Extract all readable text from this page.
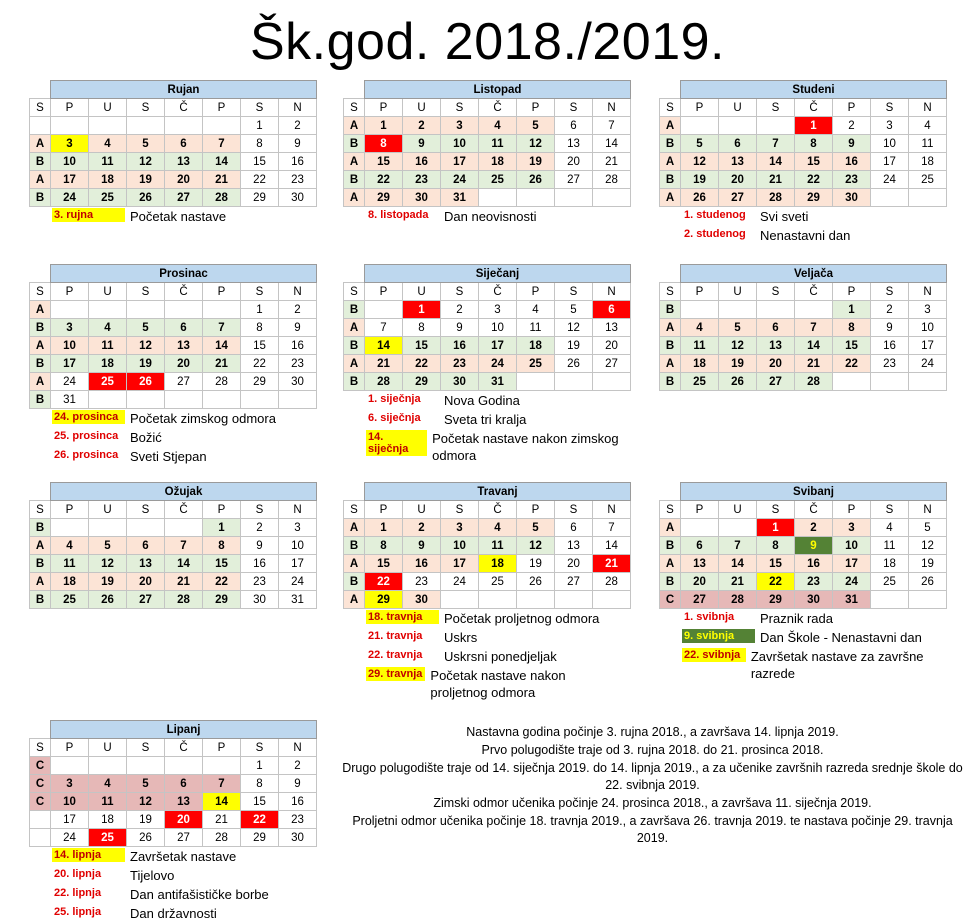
Šk.god. 2018./2019.
	Rujan						
S	P	U	S	Č	P	S	N
						1	2
A	3	4	5	6	7	8	9
B	10	11	12	13	14	15	16
A	17	18	19	20	21	22	23
B	24	25	26	27	28	29	30
3. rujna	Početak nastave
	Listopad						
S	P	U	S	Č	P	S	N
A	1	2	3	4	5	6	7
B	8	9	10	11	12	13	14
A	15	16	17	18	19	20	21
B	22	23	24	25	26	27	28
A	29	30	31				
8. listopada	Dan neovisnosti
	Studeni						
S	P	U	S	Č	P	S	N
A				1	2	3	4
B	5	6	7	8	9	10	11
A	12	13	14	15	16	17	18
B	19	20	21	22	23	24	25
A	26	27	28	29	30		
1. studenog	Svi sveti
2. studenog	Nenastavni dan
	Prosinac						
S	P	U	S	Č	P	S	N
A						1	2
B	3	4	5	6	7	8	9
A	10	11	12	13	14	15	16
B	17	18	19	20	21	22	23
A	24	25	26	27	28	29	30
B	31						
24. prosinca Početak zimskog odmora
25. prosinca Božić
26. prosinca Sveti Stjepan
	Siječanj						
S	P	U	S	Č	P	S	N
B		1	2	3	4	5	6
A	7	8	9	10	11	12	13
B	14	15	16	17	18	19	20
A	21	22	23	24	25	26	27
B	28	29	30	31			
1. siječnja	Nova Godina
6. siječnja	Sveta tri kralja
14. siječnja
Početak nastave nakon zimskog odmora
	Veljača						
S	P	U	S	Č	P	S	N
B					1	2	3
A	4	5	6	7	8	9	10
B	11	12	13	14	15	16	17
A	18	19	20	21	22	23	24
B	25	26	27	28			
	Ožujak						
S	P	U	S	Č	P	S	N
B					1	2	3
A	4	5	6	7	8	9	10
B	11	12	13	14	15	16	17
A	18	19	20	21	22	23	24
B	25	26	27	28	29	30	31
	Travanj						
S	P	U	S	Č	P	S	N
A	1	2	3	4	5	6	7
B	8	9	10	11	12	13	14
A	15	16	17	18	19	20	21
B	22	23	24	25	26	27	28
A	29	30					
18. travnja	Početak proljetnog odmora
21. travnja	Uskrs
22. travnja	Uskrsni ponedjeljak
29. travnja Početak nastave nakon proljetnog odmora
	Svibanj						
S	P	U	S	Č	P	S	N
A			1	2	3	4	5
B	6	7	8	9	10	11	12
A	13	14	15	16	17	18	19
B	20	21	22	23	24	25	26
C	27	28	29	30	31		
1. svibnja	Praznik rada
9. svibnja	Dan Škole - Nenastavni dan
22. svibnja Završetak nastave za završne razrede
	Lipanj						
S	P	U	S	Č	P	S	N
C						1	2
C	3	4	5	6	7	8	9
C	10	11	12	13	14	15	16
	17	18	19	20	21	22	23
	24	25	26	27	28	29	30
14. lipnja	Završetak nastave
20. lipnja	Tijelovo
22. lipnja	Dan antifašističke borbe
25. lipnja	Dan državnosti

Nastavna godina počinje 3. rujna 2018., a završava 14. lipnja 2019.

Prvo polugodište traje od 3. rujna 2018. do 21. prosinca 2018.

Drugo polugodište traje od 14. siječnja 2019. do 14. lipnja 2019., a za učenike završnih razreda srednje škole do 22. svibnja 2019.

Zimski odmor učenika počinje 24. prosinca 2018., a završava 11. siječnja 2019.

Proljetni odmor učenika počinje 18. travnja 2019., a završava 26. travnja 2019. te nastava počinje 29. travnja 2019.
